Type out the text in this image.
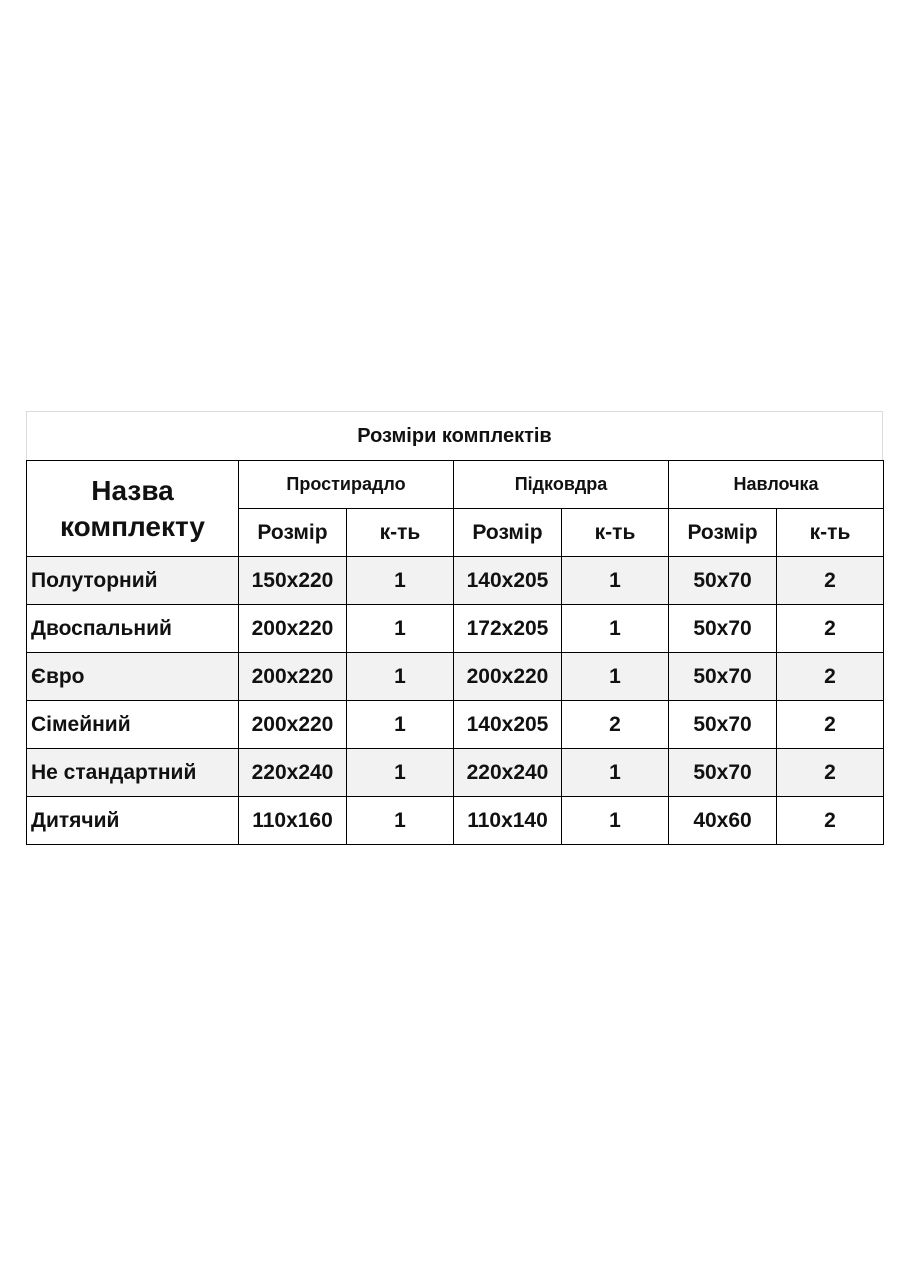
Розміри комплектів
Назва
комплекту	Простирадло		Підковдра		Навлочка	
	Розмір	к-ть	Розмір	к-ть	Розмір	к-ть
Полуторний	150x220	1	140x205	1	50x70	2
Двоспальний	200x220	1	172x205	1	50x70	2
Євро	200x220	1	200x220	1	50x70	2
Сімейний	200x220	1	140x205	2	50x70	2
Не стандартний	220x240	1	220x240	1	50x70	2
Дитячий	110x160	1	110x140	1	40x60	2
